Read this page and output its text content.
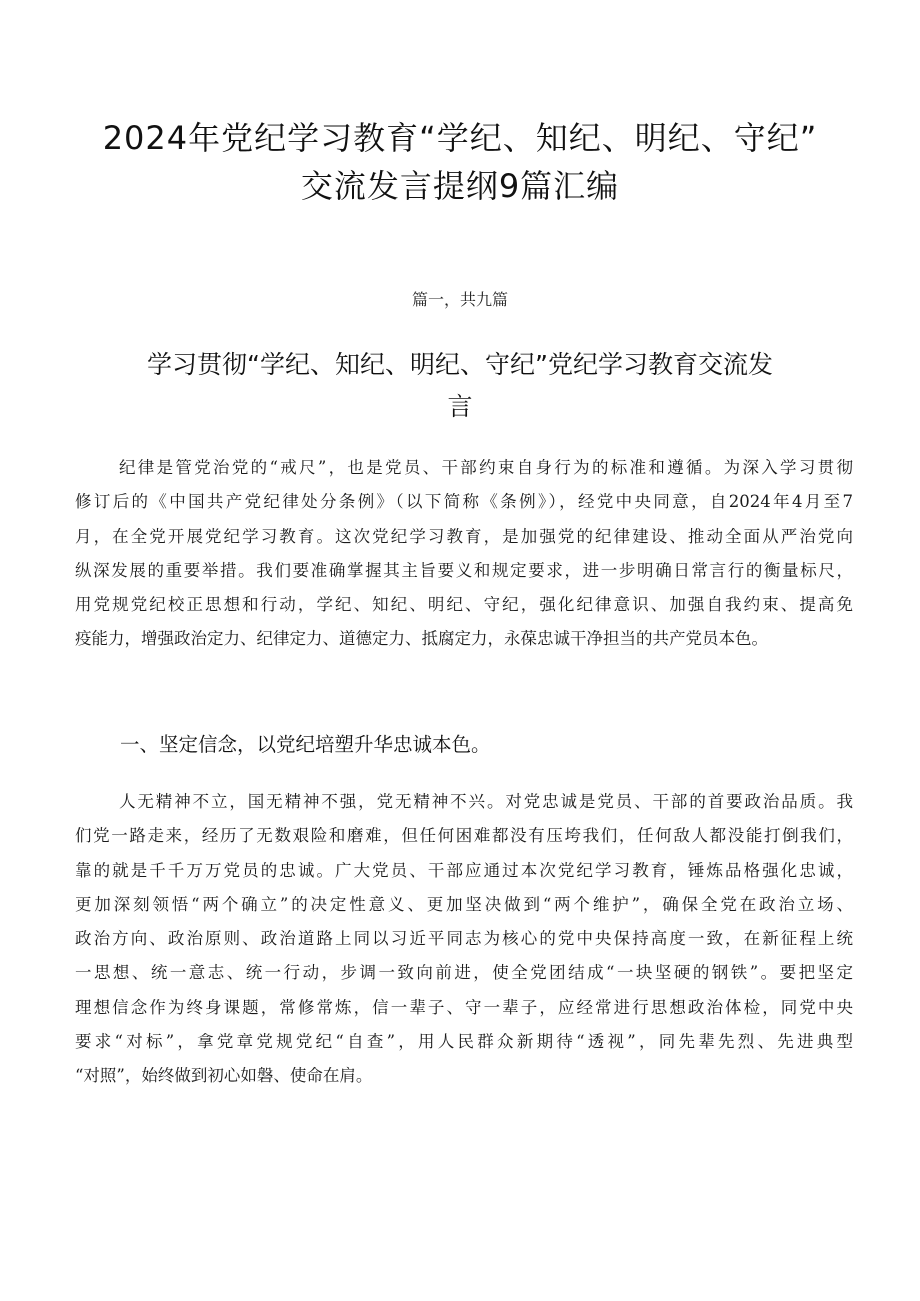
2024年党纪学习教育“学纪、知纪、明纪、守纪”
交流发言提纲9篇汇编
篇一，共九篇
学习贯彻“学纪、知纪、明纪、守纪”党纪学习教育交流发
言
纪律是管党治党的“戒尺”，也是党员、干部约束自身行为的标准和遵循。为深入学习贯彻
修订后的《中国共产党纪律处分条例》（以下简称《条例》），经党中央同意，自2024年4月至7
月，在全党开展党纪学习教育。这次党纪学习教育，是加强党的纪律建设、推动全面从严治党向
纵深发展的重要举措。我们要准确掌握其主旨要义和规定要求，进一步明确日常言行的衡量标尺，
用党规党纪校正思想和行动，学纪、知纪、明纪、守纪，强化纪律意识、加强自我约束、提高免
疫能力，增强政治定力、纪律定力、道德定力、抵腐定力，永葆忠诚干净担当的共产党员本色。
一、坚定信念，以党纪培塑升华忠诚本色。
人无精神不立，国无精神不强，党无精神不兴。对党忠诚是党员、干部的首要政治品质。我
们党一路走来，经历了无数艰险和磨难，但任何困难都没有压垮我们，任何敌人都没能打倒我们，
靠的就是千千万万党员的忠诚。广大党员、干部应通过本次党纪学习教育，锤炼品格强化忠诚，
更加深刻领悟“两个确立”的决定性意义、更加坚决做到“两个维护”，确保全党在政治立场、
政治方向、政治原则、政治道路上同以习近平同志为核心的党中央保持高度一致，在新征程上统
一思想、统一意志、统一行动，步调一致向前进，使全党团结成“一块坚硬的钢铁”。要把坚定
理想信念作为终身课题，常修常炼，信一辈子、守一辈子，应经常进行思想政治体检，同党中央
要求“对标”，拿党章党规党纪“自查”，用人民群众新期待“透视”，同先辈先烈、先进典型
“对照”，始终做到初心如磐、使命在肩。
